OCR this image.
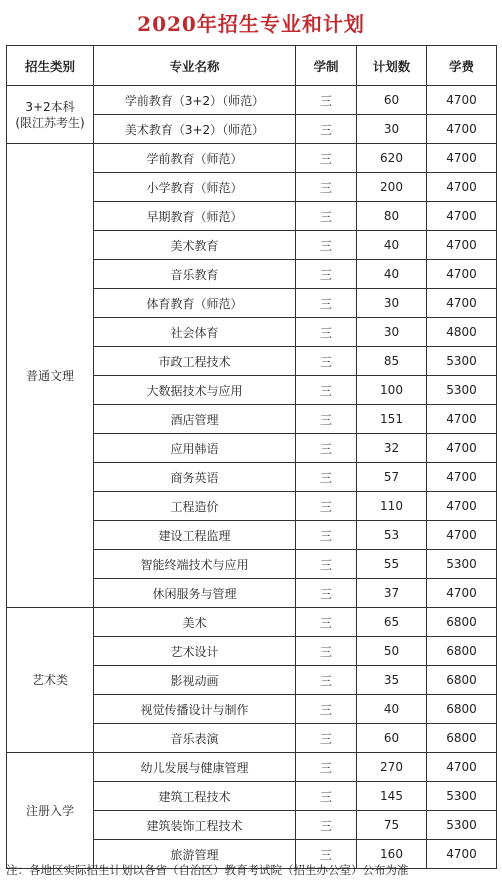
2020年招生专业和计划
招生类别	专业名称	学制	计划数	学费
3+2本科
(限江苏考生)	学前教育（3+2）（师范）	三	60	4700
	美术教育（3+2）（师范）	三	30	4700
普通文理	学前教育（师范）	三	620	4700
	小学教育（师范）	三	200	4700
	早期教育（师范）	三	80	4700
	美术教育	三	40	4700
	音乐教育	三	40	4700
	体育教育（师范）	三	30	4700
	社会体育	三	30	4800
	市政工程技术	三	85	5300
	大数据技术与应用	三	100	5300
	酒店管理	三	151	4700
	应用韩语	三	32	4700
	商务英语	三	57	4700
	工程造价	三	110	4700
	建设工程监理	三	53	4700
	智能终端技术与应用	三	55	5300
	休闲服务与管理	三	37	4700
艺术类	美术	三	65	6800
	艺术设计	三	50	6800
	影视动画	三	35	6800
	视觉传播设计与制作	三	40	6800
	音乐表演	三	60	6800
注册入学	幼儿发展与健康管理	三	270	4700
	建筑工程技术	三	145	5300
	建筑装饰工程技术	三	75	5300
	旅游管理	三	160	4700
注：各地区实际招生计划以各省（自治区）教育考试院（招生办公室）公布为准
